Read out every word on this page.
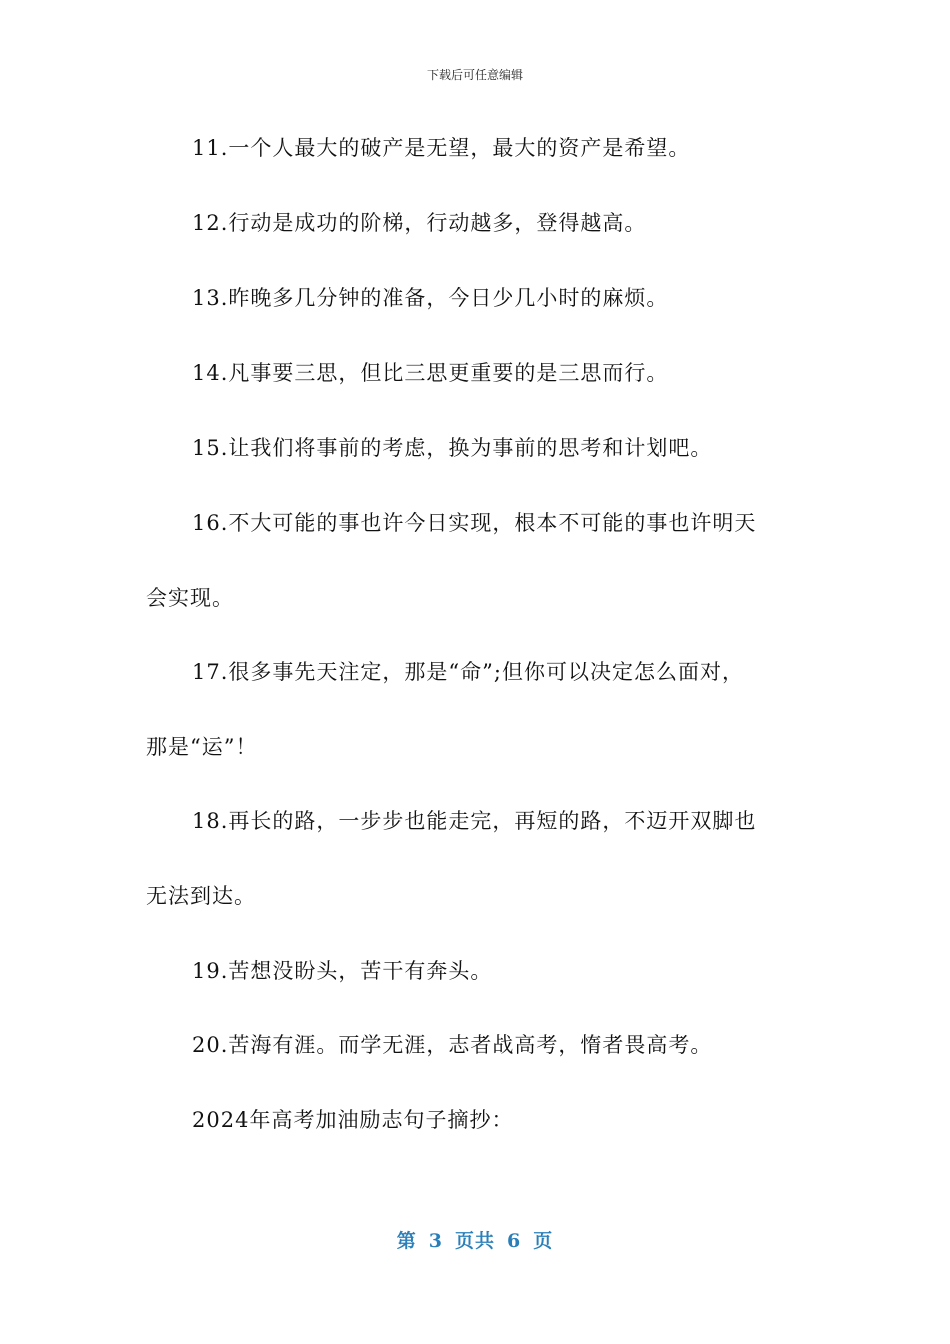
下载后可任意编辑
11.一个人最大的破产是无望，最大的资产是希望。
12.行动是成功的阶梯，行动越多，登得越高。
13.昨晚多几分钟的准备，今日少几小时的麻烦。
14.凡事要三思，但比三思更重要的是三思而行。
15.让我们将事前的考虑，换为事前的思考和计划吧。
16.不大可能的事也许今日实现，根本不可能的事也许明天
会实现。
17.很多事先天注定，那是“命”;但你可以决定怎么面对，
那是“运”！
18.再长的路，一步步也能走完，再短的路，不迈开双脚也
无法到达。
19.苦想没盼头，苦干有奔头。
20.苦海有涯。而学无涯，志者战高考，惰者畏高考。
2024年高考加油励志句子摘抄：
第 3 页共 6 页
